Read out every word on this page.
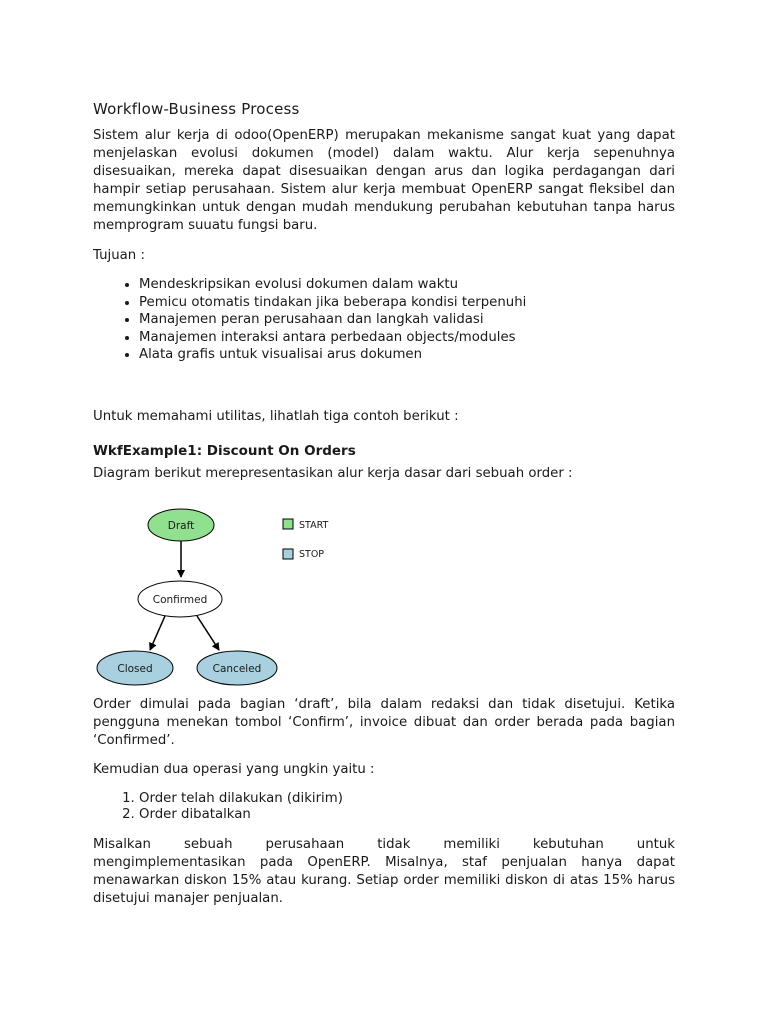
Workflow-Business Process

Sistem alur kerja di odoo(OpenERP) merupakan mekanisme sangat kuat yang dapat menjelaskan evolusi dokumen (model) dalam waktu. Alur kerja sepenuhnya disesuaikan, mereka dapat disesuaikan dengan arus dan logika perdagangan dari hampir setiap perusahaan. Sistem alur kerja membuat OpenERP sangat fleksibel dan memungkinkan untuk dengan mudah mendukung perubahan kebutuhan tanpa harus memprogram suuatu fungsi baru.

Tujuan :

• Mendeskripsikan evolusi dokumen dalam waktu
• Pemicu otomatis tindakan jika beberapa kondisi terpenuhi
• Manajemen peran perusahaan dan langkah validasi
• Manajemen interaksi antara perbedaan objects/modules
• Alata grafis untuk visualisai arus dokumen

Untuk memahami utilitas, lihatlah tiga contoh berikut :

WkfExample1: Discount On Orders

Diagram berikut merepresentasikan alur kerja dasar dari sebuah order :

Order dimulai pada bagian ‘draft’, bila dalam redaksi dan tidak disetujui. Ketika pengguna menekan tombol ‘Confirm’, invoice dibuat dan order berada pada bagian ‘Confirmed’.

Kemudian dua operasi yang ungkin yaitu :

1. Order telah dilakukan (dikirim)
2. Order dibatalkan

Misalkan sebuah perusahaan tidak memiliki kebutuhan untuk

mengimplementasikan pada OpenERP. Misalnya, staf penjualan hanya dapat menawarkan diskon 15% atau kurang. Setiap order memiliki diskon di atas 15% harus disetujui manajer penjualan.

Draft
Confirmed
Closed	Canceled
START
STOP
